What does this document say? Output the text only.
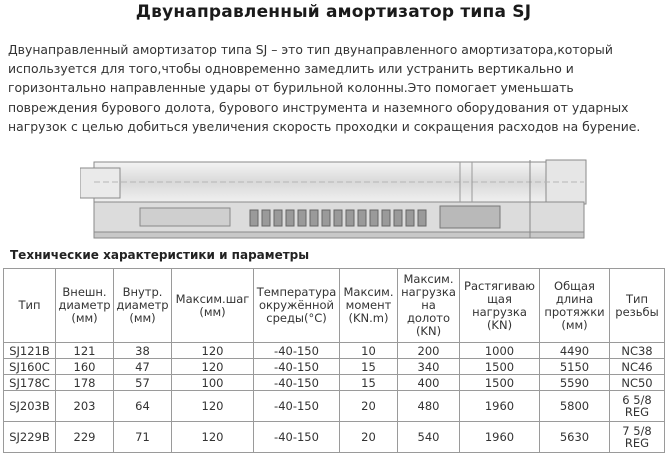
Двунаправленный амортизатор типа SJ
Двунаправленный амортизатор типа SJ – это тип двунаправленного амортизатора,который используется для того,чтобы одновременно замедлить или устранить вертикально и горизонтально направленные удары от бурильной колонны.Это помогает уменьшать повреждения бурового долота, бурового инструмента и наземного оборудования от ударных нагрузок с целью добиться увеличения скорость проходки и сокращения расходов на бурение.
Технические характеристики и параметры
Тип	Внешн. диаметр (мм)	Внутр. диаметр (мм)	Максим.шаг (мм)	Температура окружённой среды(°C)	Максим. момент (KN.m)	Максим. нагрузка на долото (KN)	Растягиваю щая нагрузка (KN)	Общая длина протяжки (мм)	Тип резьбы
SJ121B	121	38	120	-40-150	10	200	1000	4490	NC38
SJ160C	160	47	120	-40-150	15	340	1500	5150	NC46
SJ178C	178	57	100	-40-150	15	400	1500	5590	NC50
SJ203B	203	64	120	-40-150	20	480	1960	5800	6 5/8 REG
SJ229B	229	71	120	-40-150	20	540	1960	5630	7 5/8 REG
